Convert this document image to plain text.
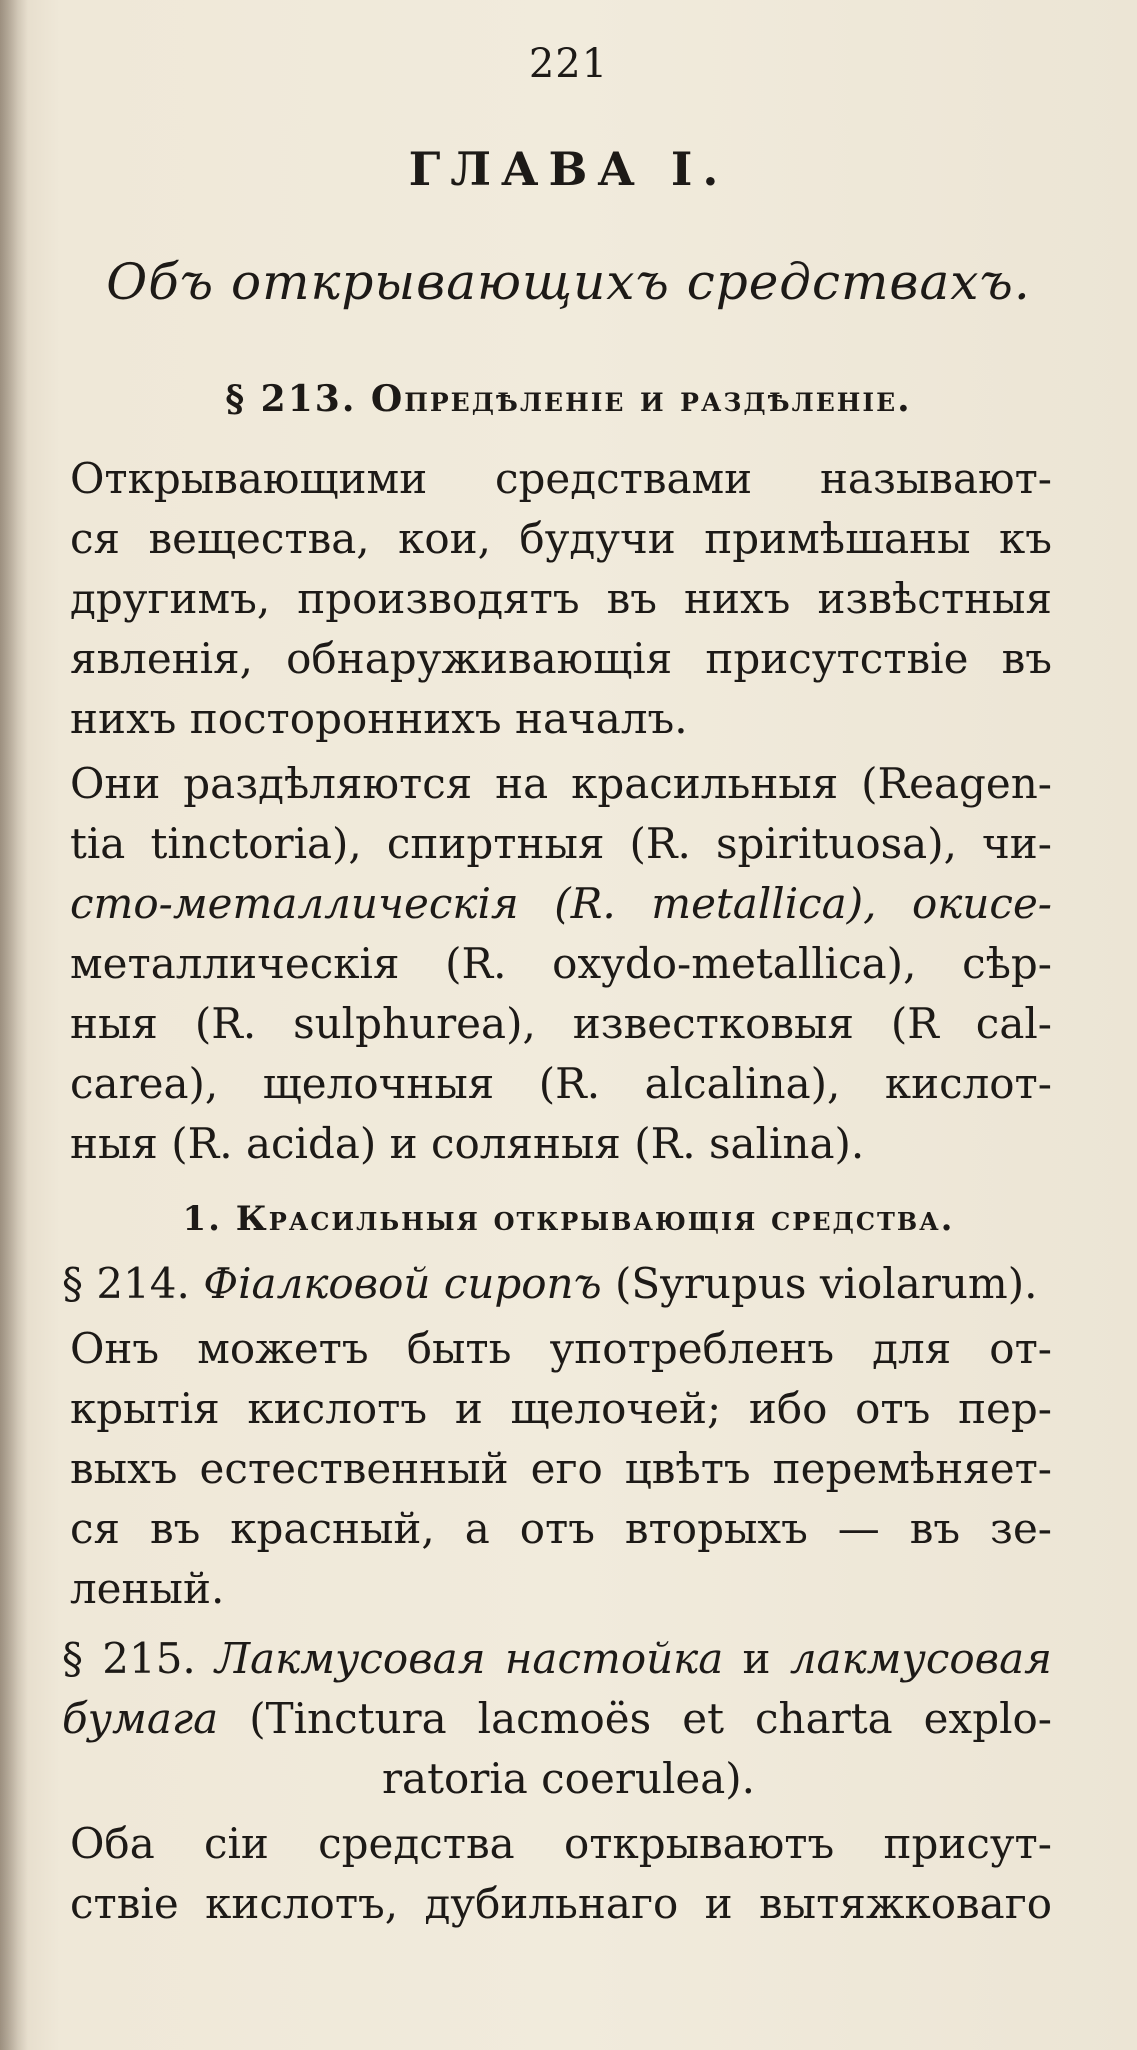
221

ГЛАВА I.

Объ открывающихъ средствахъ.

§ 213. Опредѣленіе и раздѣленіе.

Открывающими средствами называют-

ся вещества, кои, будучи примѣшаны къ

другимъ, производятъ въ нихъ извѣстныя

явленія, обнаруживающія присутствіе въ

нихъ постороннихъ началъ.

Они раздѣляются на красильныя (Reagen-

tia tinctoria), спиртныя (R. spirituosa), чи-

сто-металлическія (R. metallica), окисе-

металлическія (R. oxydo-metallica), сѣр-

ныя (R. sulphurea), известковыя (R cal-

carea), щелочныя (R. alcalina), кислот-

ныя (R. acida) и соляныя (R. salina).

1. Красильныя открывающія средства.

§ 214. Фіалковой сиропъ (Syrupus violarum).

Онъ можетъ быть употребленъ для от-

крытія кислотъ и щелочей; ибо отъ пер-

выхъ естественный его цвѣтъ перемѣняет-

ся въ красный, а отъ вторыхъ — въ зе-

леный.

§ 215. Лакмусовая настойка и лакмусовая

бумага (Tinctura lacmoës et charta explo-

ratoria coerulea).

Оба сіи средства открываютъ присут-

ствіе кислотъ, дубильнаго и вытяжковаго
